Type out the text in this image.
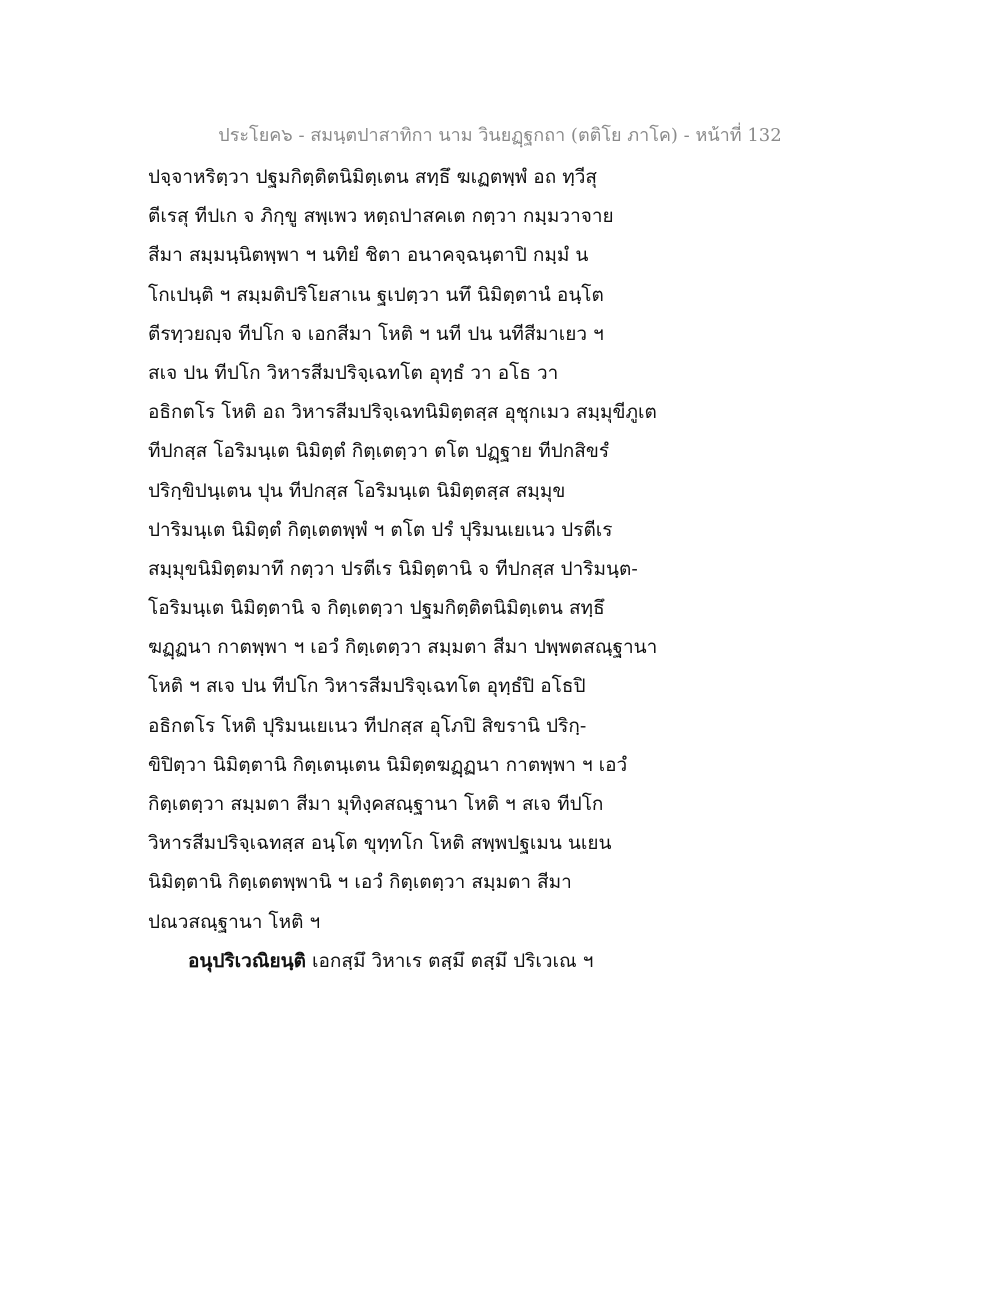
ประโยค๖ - สมนฺตปาสาทิกา นาม วินยฏฺฐกถา (ตติโย ภาโค) - หน้าที่ 132
ปจฺจาหริตฺวา ปฐมกิตฺติตนิมิตฺเตน สทฺธึ ฆเฏตพฺพํ อถ ทฺวีสุ
ตีเรสุ ทีปเก จ ภิกฺขู สพฺเพว หตฺถปาสคเต กตฺวา กมฺมวาจาย
สีมา สมฺมนฺนิตพฺพา ฯ นทิยํ ชิตา อนาคจฺฉนฺตาปิ กมฺมํ น
โกเปนฺติ ฯ สมฺมติปริโยสาเน ฐเปตฺวา นทึ นิมิตฺตานํ อนฺโต
ตีรทฺวยญฺจ ทีปโก จ เอกสีมา โหติ ฯ นที ปน นทีสีมาเยว ฯ
สเจ ปน ทีปโก วิหารสีมปริจฺเฉทโต อุทฺธํ วา อโธ วา
อธิกตโร โหติ อถ วิหารสีมปริจฺเฉทนิมิตฺตสฺส อุชุกเมว สมฺมุขีภูเต
ทีปกสฺส โอริมนฺเต นิมิตฺตํ กิตฺเตตฺวา ตโต ปฏฺฐาย ทีปกสิขรํ
ปริกฺขิปนฺเตน ปุน ทีปกสฺส โอริมนฺเต นิมิตฺตสฺส สมฺมุข
ปาริมนฺเต นิมิตฺตํ กิตฺเตตพฺพํ ฯ ตโต ปรํ ปุริมนเยเนว ปรตีเร
สมฺมุขนิมิตฺตมาทึ กตฺวา ปรตีเร นิมิตฺตานิ จ ทีปกสฺส ปาริมนฺต-
โอริมนฺเต นิมิตฺตานิ จ กิตฺเตตฺวา ปฐมกิตฺติตนิมิตฺเตน สทฺธึ
ฆฏฺฏนา กาตพฺพา ฯ เอวํ กิตฺเตตฺวา สมฺมตา สีมา ปพฺพตสณฺฐานา
โหติ ฯ สเจ ปน ทีปโก วิหารสีมปริจฺเฉทโต อุทฺธํปิ อโธปิ
อธิกตโร โหติ ปุริมนเยเนว ทีปกสฺส อุโภปิ สิขรานิ ปริกฺ-
ขิปิตฺวา นิมิตฺตานิ กิตฺเตนฺเตน นิมิตฺตฆฏฺฏนา กาตพฺพา ฯ เอวํ
กิตฺเตตฺวา สมฺมตา สีมา มุทิงฺคสณฺฐานา โหติ ฯ สเจ ทีปโก
วิหารสีมปริจฺเฉทสฺส อนฺโต ขุทฺทโก โหติ สพฺพปฐเมน นเยน
นิมิตฺตานิ กิตฺเตตพฺพานิ ฯ เอวํ กิตฺเตตฺวา สมฺมตา สีมา
ปณวสณฺฐานา โหติ ฯ
อนุปริเวณิยนฺติ เอกสฺมึ วิหาเร ตสฺมึ ตสฺมึ ปริเวเณ ฯ
